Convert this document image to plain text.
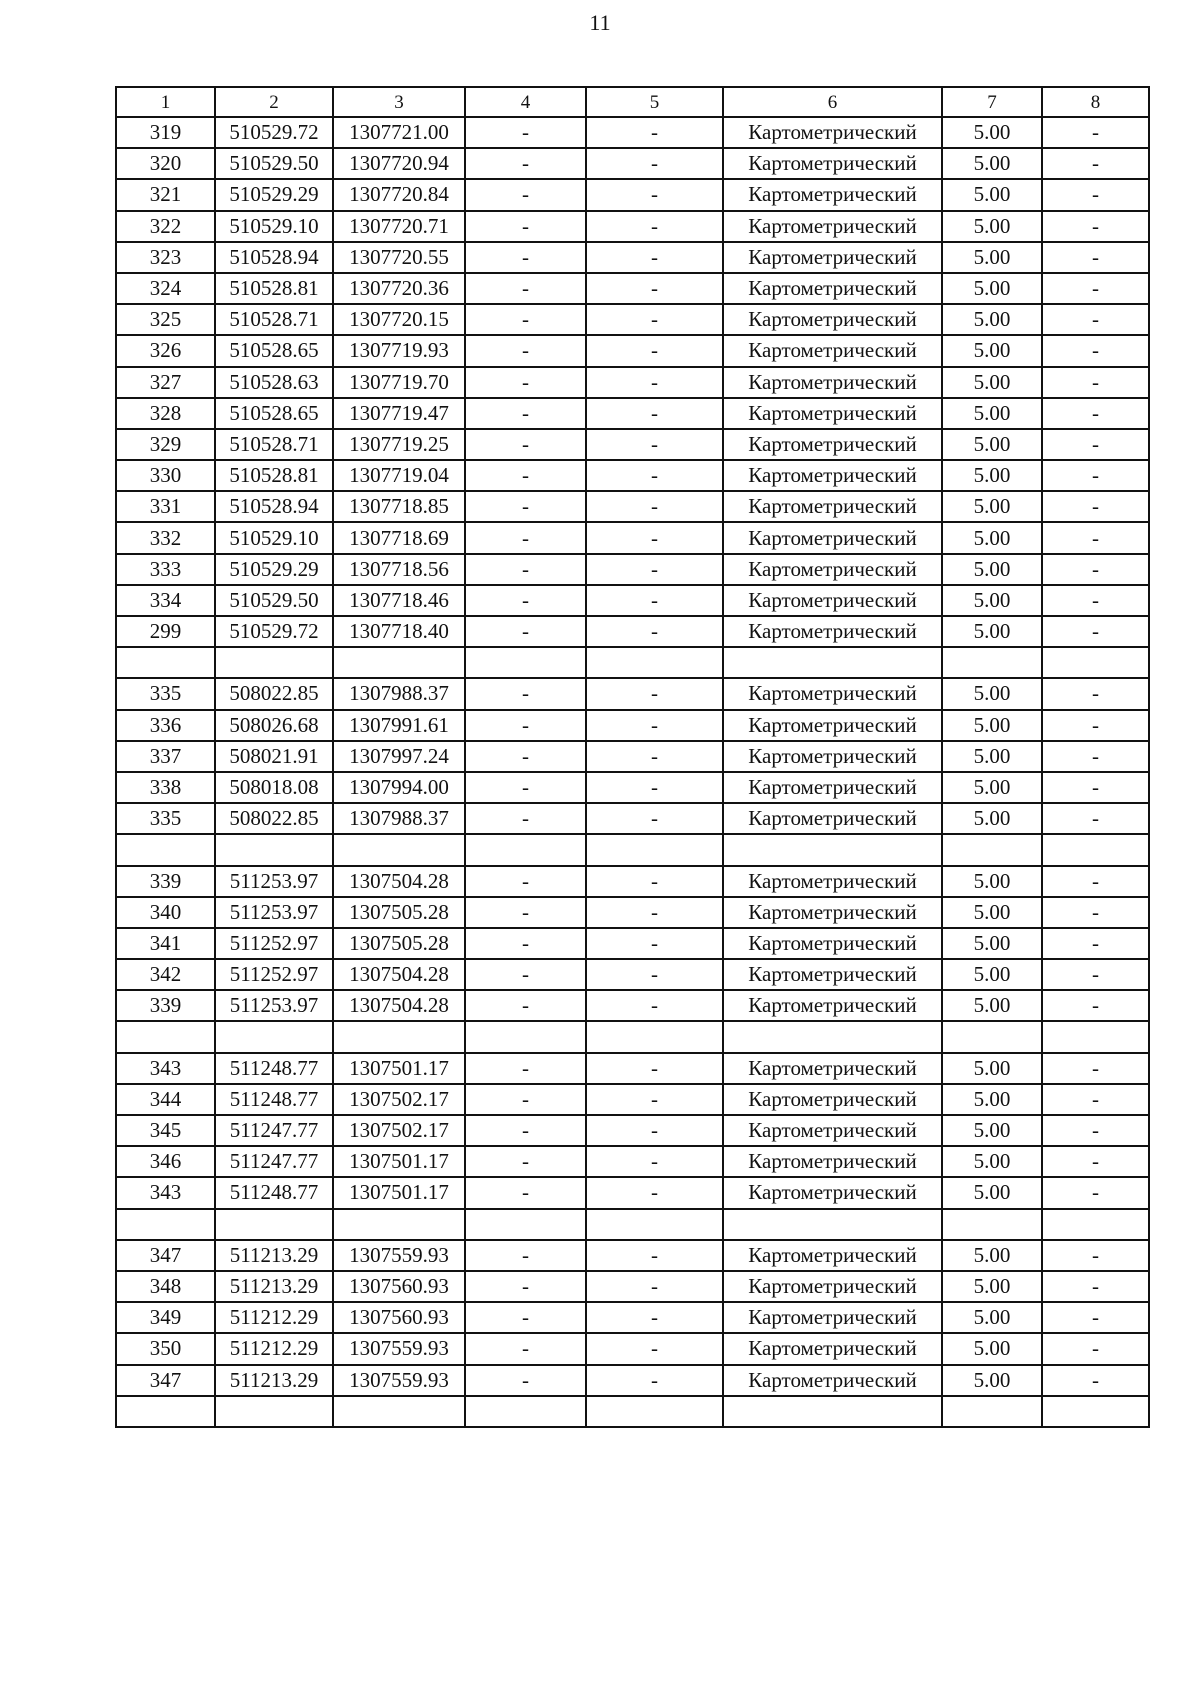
11
1	2	3	4	5	6	7	8
319	510529.72	1307721.00	-	-	Картометрический	5.00	-
320	510529.50	1307720.94	-	-	Картометрический	5.00	-
321	510529.29	1307720.84	-	-	Картометрический	5.00	-
322	510529.10	1307720.71	-	-	Картометрический	5.00	-
323	510528.94	1307720.55	-	-	Картометрический	5.00	-
324	510528.81	1307720.36	-	-	Картометрический	5.00	-
325	510528.71	1307720.15	-	-	Картометрический	5.00	-
326	510528.65	1307719.93	-	-	Картометрический	5.00	-
327	510528.63	1307719.70	-	-	Картометрический	5.00	-
328	510528.65	1307719.47	-	-	Картометрический	5.00	-
329	510528.71	1307719.25	-	-	Картометрический	5.00	-
330	510528.81	1307719.04	-	-	Картометрический	5.00	-
331	510528.94	1307718.85	-	-	Картометрический	5.00	-
332	510529.10	1307718.69	-	-	Картометрический	5.00	-
333	510529.29	1307718.56	-	-	Картометрический	5.00	-
334	510529.50	1307718.46	-	-	Картометрический	5.00	-
299	510529.72	1307718.40	-	-	Картометрический	5.00	-

335	508022.85	1307988.37	-	-	Картометрический	5.00	-
336	508026.68	1307991.61	-	-	Картометрический	5.00	-
337	508021.91	1307997.24	-	-	Картометрический	5.00	-
338	508018.08	1307994.00	-	-	Картометрический	5.00	-
335	508022.85	1307988.37	-	-	Картометрический	5.00	-

339	511253.97	1307504.28	-	-	Картометрический	5.00	-
340	511253.97	1307505.28	-	-	Картометрический	5.00	-
341	511252.97	1307505.28	-	-	Картометрический	5.00	-
342	511252.97	1307504.28	-	-	Картометрический	5.00	-
339	511253.97	1307504.28	-	-	Картометрический	5.00	-

343	511248.77	1307501.17	-	-	Картометрический	5.00	-
344	511248.77	1307502.17	-	-	Картометрический	5.00	-
345	511247.77	1307502.17	-	-	Картометрический	5.00	-
346	511247.77	1307501.17	-	-	Картометрический	5.00	-
343	511248.77	1307501.17	-	-	Картометрический	5.00	-

347	511213.29	1307559.93	-	-	Картометрический	5.00	-
348	511213.29	1307560.93	-	-	Картометрический	5.00	-
349	511212.29	1307560.93	-	-	Картометрический	5.00	-
350	511212.29	1307559.93	-	-	Картометрический	5.00	-
347	511213.29	1307559.93	-	-	Картометрический	5.00	-
